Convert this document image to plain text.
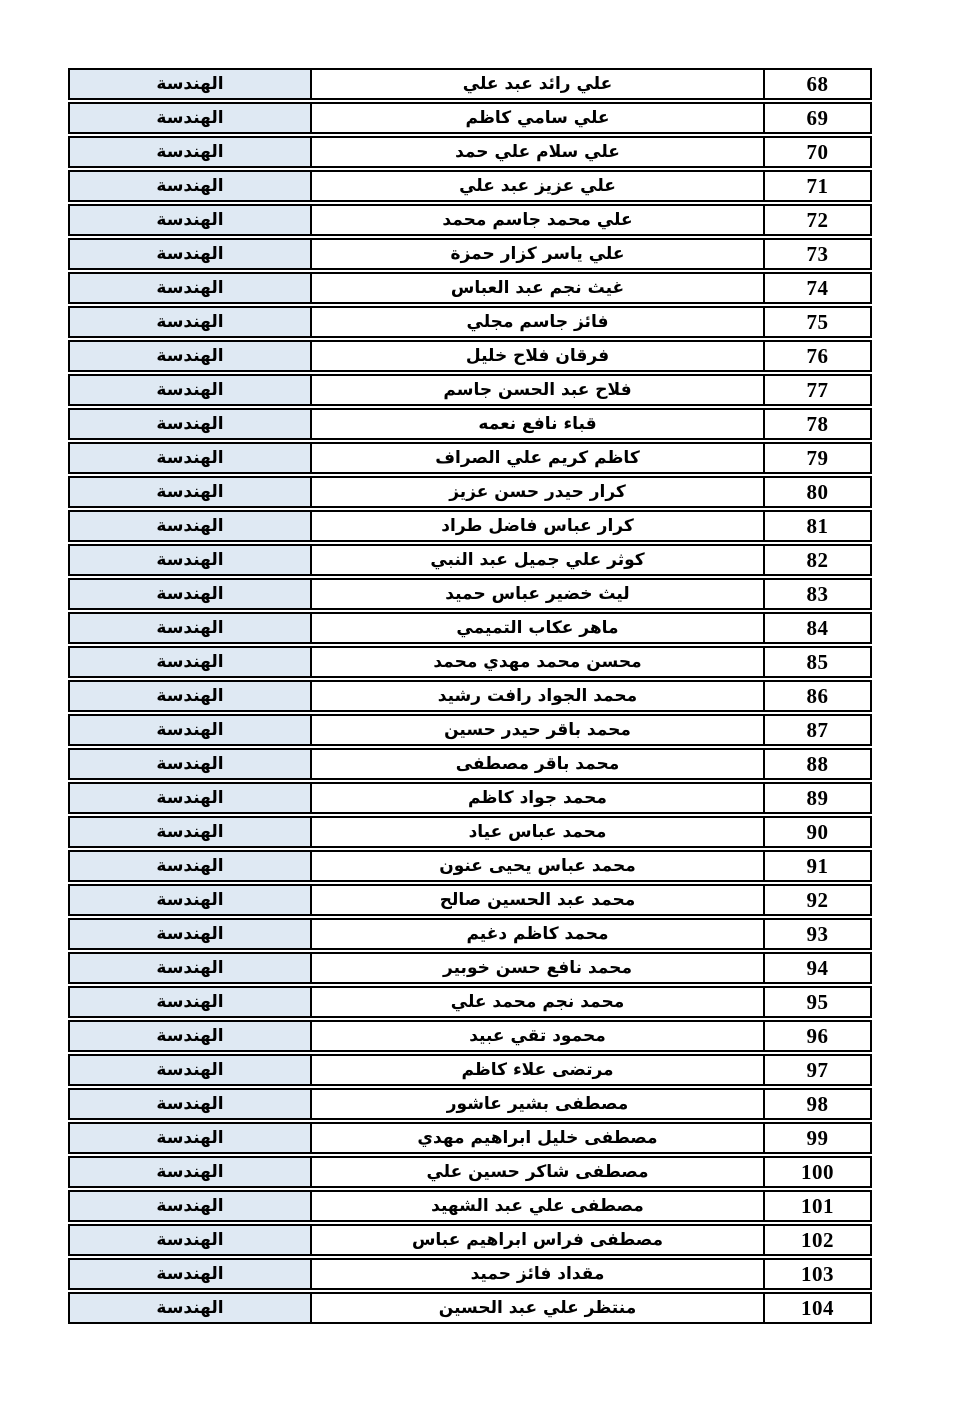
الهندسة	علي رائد عبد علي	68
الهندسة	علي سامي كاظم	69
الهندسة	علي سلام علي حمد	70
الهندسة	علي عزيز عبد علي	71
الهندسة	علي محمد جاسم محمد	72
الهندسة	علي ياسر كزار حمزة	73
الهندسة	غيث نجم عبد العباس	74
الهندسة	فائز جاسم مجلي	75
الهندسة	فرقان فلاح خليل	76
الهندسة	فلاح عبد الحسن جاسم	77
الهندسة	قباء نافع نعمه	78
الهندسة	كاظم كريم علي الصراف	79
الهندسة	كرار حيدر حسن عزيز	80
الهندسة	كرار عباس فاضل طراد	81
الهندسة	كوثر علي جميل عبد النبي	82
الهندسة	ليث خضير عباس حميد	83
الهندسة	ماهر عكاب التميمي	84
الهندسة	محسن محمد مهدي محمد	85
الهندسة	محمد الجواد رافت رشيد	86
الهندسة	محمد باقر حيدر حسين	87
الهندسة	محمد باقر مصطفى	88
الهندسة	محمد جواد كاظم	89
الهندسة	محمد عباس عياد	90
الهندسة	محمد عباس يحيى عنون	91
الهندسة	محمد عبد الحسين صالح	92
الهندسة	محمد كاظم دغيم	93
الهندسة	محمد نافع حسن خوبير	94
الهندسة	محمد نجم محمد علي	95
الهندسة	محمود تقي عبيد	96
الهندسة	مرتضى علاء كاظم	97
الهندسة	مصطفى بشير عاشور	98
الهندسة	مصطفى خليل ابراهيم مهدي	99
الهندسة	مصطفى شاكر حسين علي	100
الهندسة	مصطفى علي عبد الشهيد	101
الهندسة	مصطفى فراس ابراهيم عباس	102
الهندسة	مقداد فائز حميد	103
الهندسة	منتظر علي عبد الحسين	104
